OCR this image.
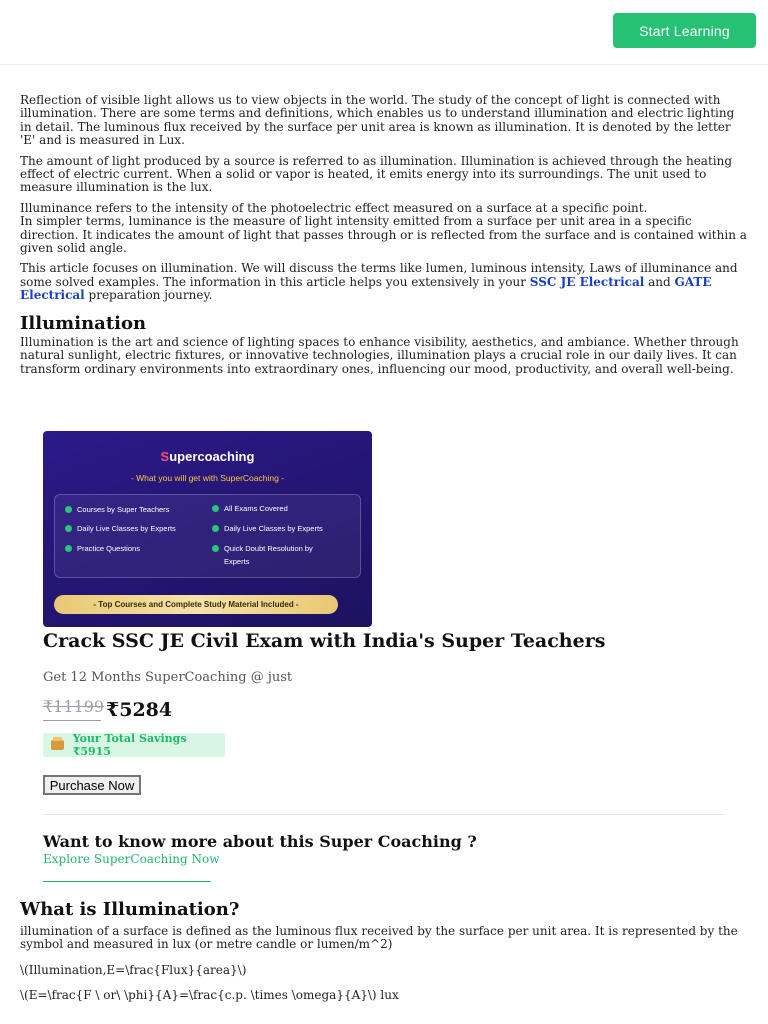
Start Learning

Reflection of visible light allows us to view objects in the world. The study of the concept of light is connected with illumination. There are some terms and definitions, which enables us to understand illumination and electric lighting in detail. The luminous flux received by the surface per unit area is known as illumination. It is denoted by the letter 'E' and is measured in Lux.

The amount of light produced by a source is referred to as illumination. Illumination is achieved through the heating effect of electric current. When a solid or vapor is heated, it emits energy into its surroundings. The unit used to measure illumination is the lux.

Illuminance refers to the intensity of the photoelectric effect measured on a surface at a specific point.

In simpler terms, luminance is the measure of light intensity emitted from a surface per unit area in a specific direction. It indicates the amount of light that passes through or is reflected from the surface and is contained within a given solid angle.

This article focuses on illumination. We will discuss the terms like lumen, luminous intensity, Laws of illuminance and some solved examples. The information in this article helps you extensively in your SSC JE Electrical and GATE Electrical preparation journey.

Illumination

Illumination is the art and science of lighting spaces to enhance visibility, aesthetics, and ambiance. Whether through natural sunlight, electric fixtures, or innovative technologies, illumination plays a crucial role in our daily lives. It can transform ordinary environments into extraordinary ones, influencing our mood, productivity, and overall well-being.

Supercoaching
- What you will get with SuperCoaching -
Courses by Super Teachers	All Exams Covered
Daily Live Classes by Experts	Daily Live Classes by Experts
Practice Questions	Quick Doubt Resolution by
Experts
- Top Courses and Complete Study Material Included -
Crack SSC JE Civil Exam with India's Super Teachers
Get 12 Months SuperCoaching @ just
₹11199 ₹5284
Your Total Savings ₹5915
Purchase Now
Want to know more about this Super Coaching ?
Explore SuperCoaching Now
What is Illumination?

illumination of a surface is defined as the luminous flux received by the surface per unit area. It is represented by the symbol and measured in lux (or metre candle or lumen/m^2)

\(Illumination,E=\frac{Flux}{area}\)

\(E=\frac{F \ or\ \phi}{A}=\frac{c.p. \times \omega}{A}\) lux
